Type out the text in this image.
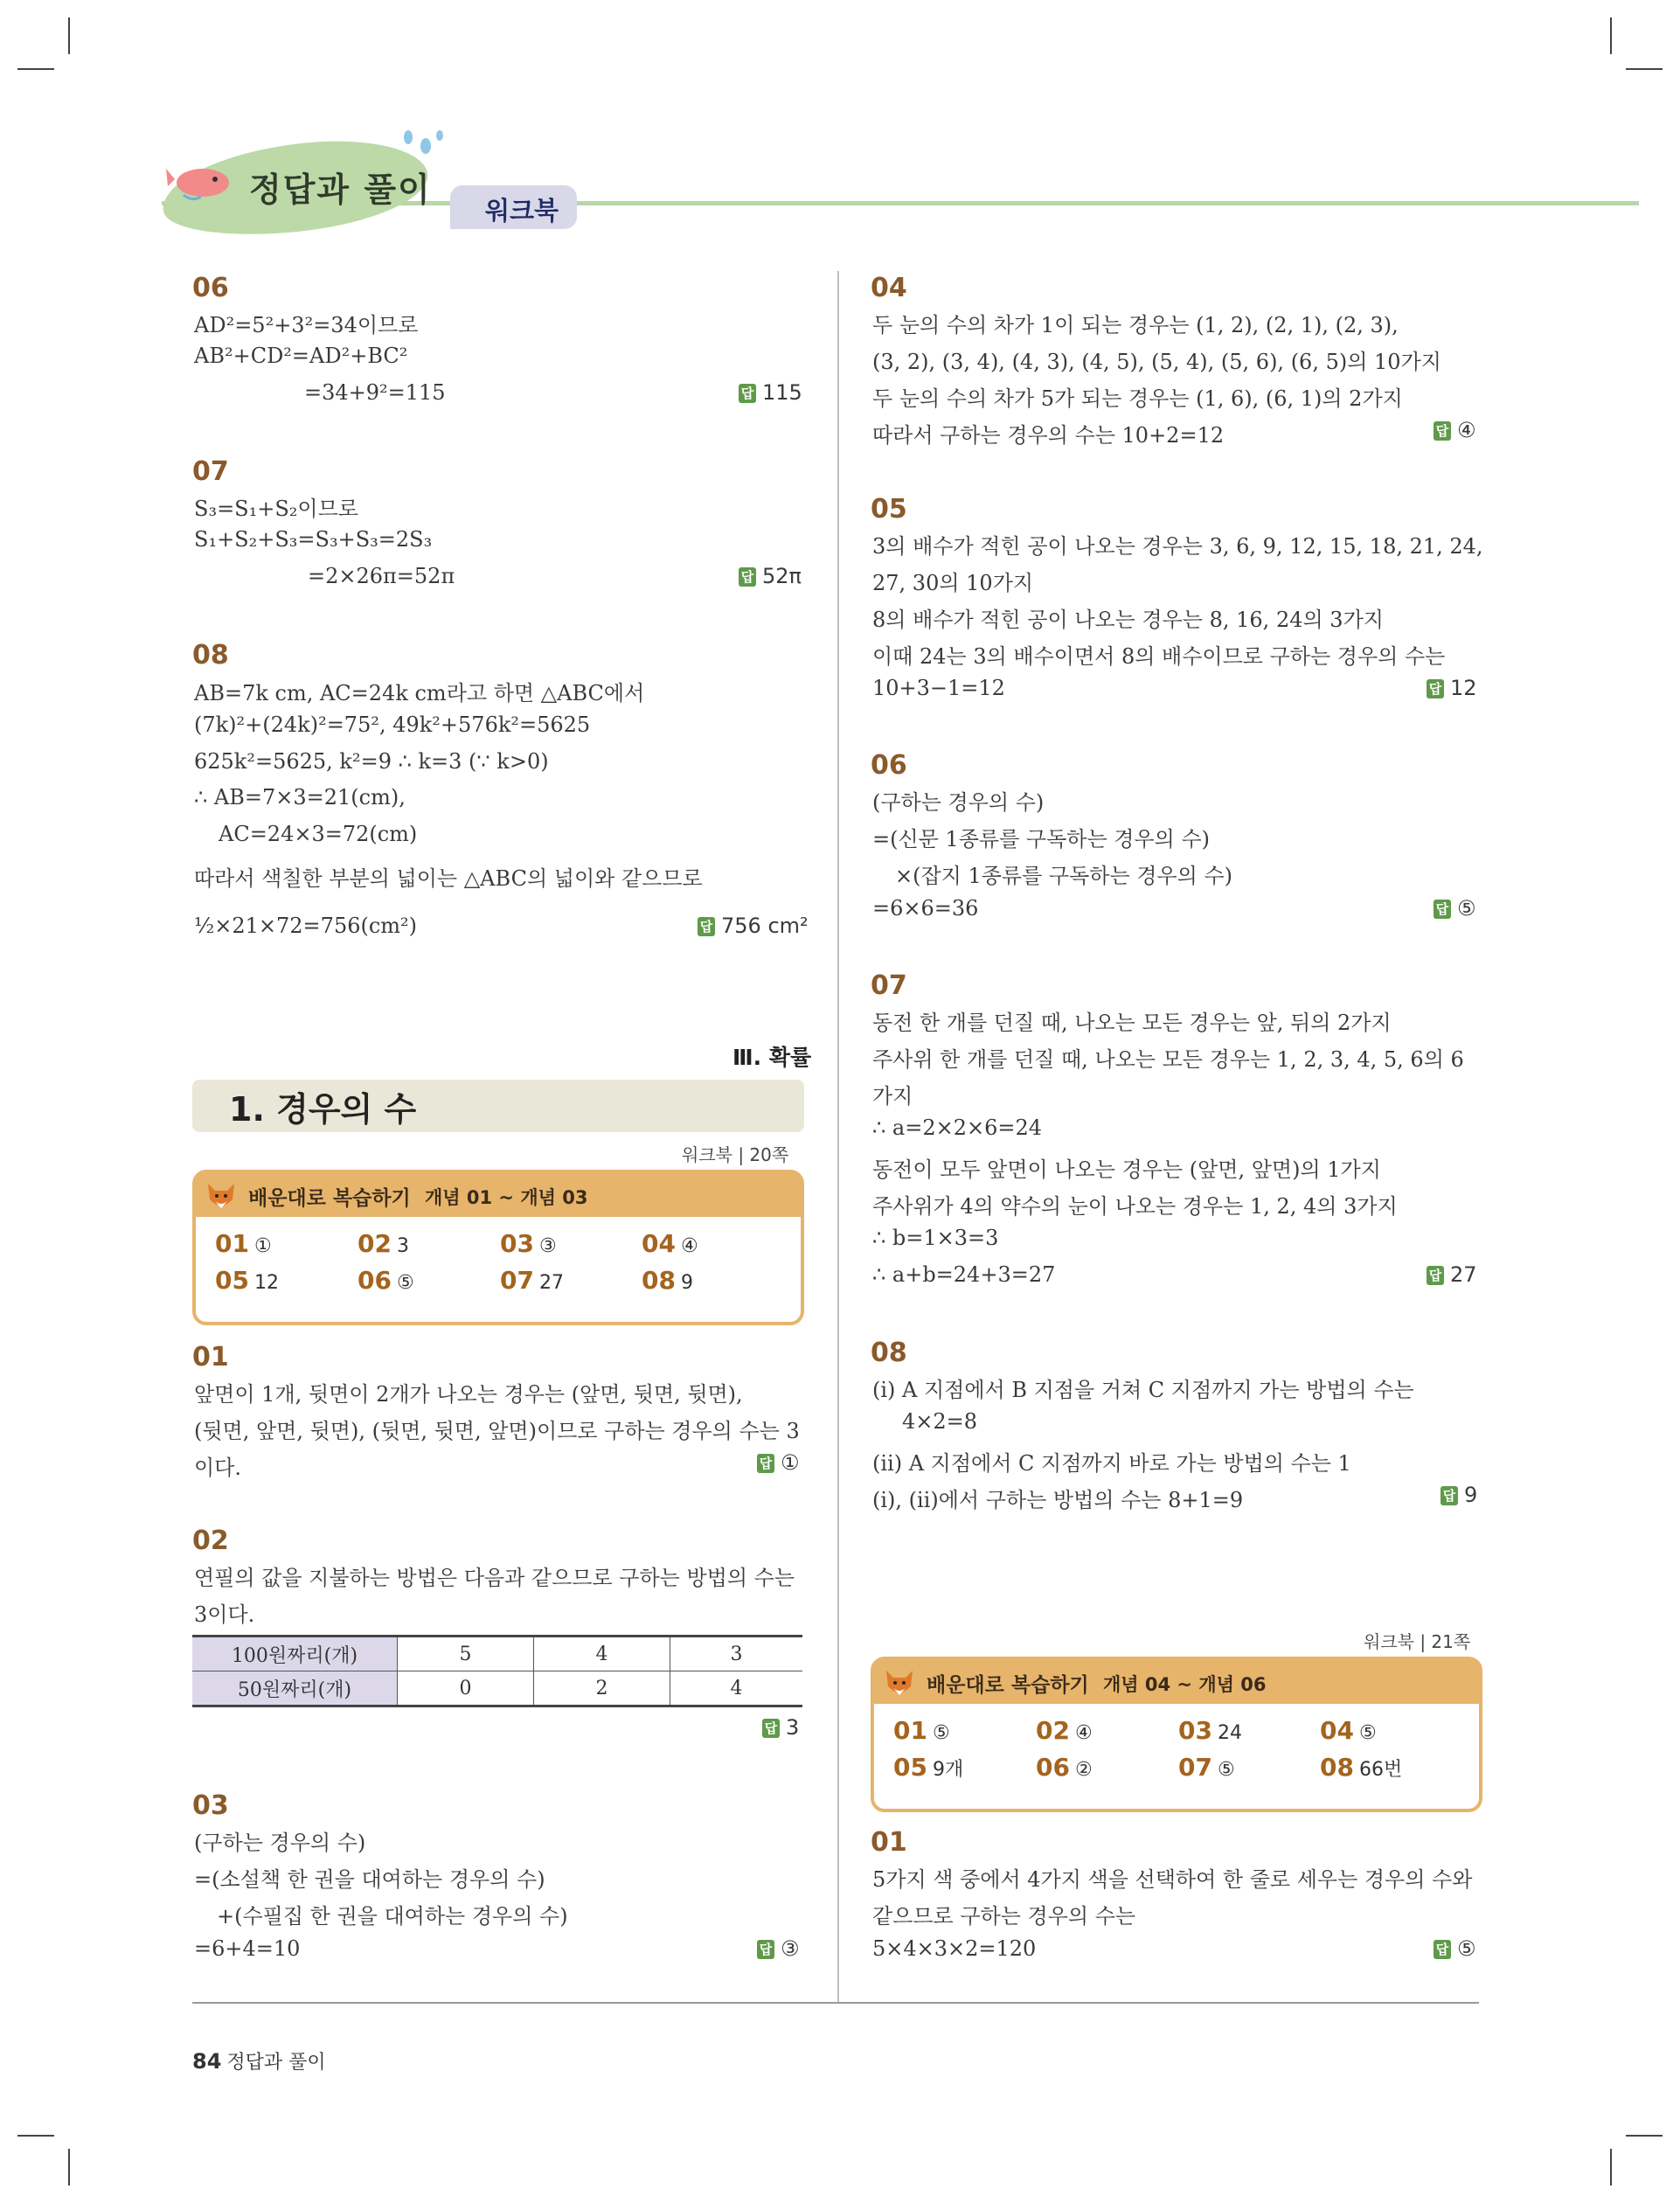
정답과 풀이
워크북
06
AD²=5²+3²=34이므로
AB²+CD²=AD²+BC²
=34+9²=115	답 115
07
S₃=S₁+S₂이므로
S₁+S₂+S₃=S₃+S₃=2S₃
=2×26π=52π	답 52π
08
AB=7k cm, AC=24k cm라고 하면 △ABC에서
(7k)²+(24k)²=75², 49k²+576k²=5625
625k²=5625, k²=9 ∴ k=3 (∵ k>0)
∴ AB=7×3=21(cm),
AC=24×3=72(cm)
따라서 색칠한 부분의 넓이는 △ABC의 넓이와 같으므로
½×21×72=756(cm²)	답 756 cm²
Ⅲ. 확률
1. 경우의 수
워크북 | 20쪽
배운대로 복습하기 개념 01 ~ 개념 03
01 ①	02 3	03 ③	04 ④
05 12	06 ⑤	07 27	08 9
01
앞면이 1개, 뒷면이 2개가 나오는 경우는 (앞면, 뒷면, 뒷면),
(뒷면, 앞면, 뒷면), (뒷면, 뒷면, 앞면)이므로 구하는 경우의 수는 3
이다.	답 ①
02
연필의 값을 지불하는 방법은 다음과 같으므로 구하는 방법의 수는
3이다.
100원짜리(개)	5	4	3
50원짜리(개)	0	2	4
답 3
03
(구하는 경우의 수)
=(소설책 한 권을 대여하는 경우의 수)
+(수필집 한 권을 대여하는 경우의 수)
=6+4=10	답 ③
04
두 눈의 수의 차가 1이 되는 경우는 (1, 2), (2, 1), (2, 3),
(3, 2), (3, 4), (4, 3), (4, 5), (5, 4), (5, 6), (6, 5)의 10가지
두 눈의 수의 차가 5가 되는 경우는 (1, 6), (6, 1)의 2가지
따라서 구하는 경우의 수는 10+2=12	답 ④
05
3의 배수가 적힌 공이 나오는 경우는 3, 6, 9, 12, 15, 18, 21, 24,
27, 30의 10가지
8의 배수가 적힌 공이 나오는 경우는 8, 16, 24의 3가지
이때 24는 3의 배수이면서 8의 배수이므로 구하는 경우의 수는
10+3−1=12	답 12
06
(구하는 경우의 수)
=(신문 1종류를 구독하는 경우의 수)
×(잡지 1종류를 구독하는 경우의 수)
=6×6=36	답 ⑤
07
동전 한 개를 던질 때, 나오는 모든 경우는 앞, 뒤의 2가지
주사위 한 개를 던질 때, 나오는 모든 경우는 1, 2, 3, 4, 5, 6의 6
가지
∴ a=2×2×6=24
동전이 모두 앞면이 나오는 경우는 (앞면, 앞면)의 1가지
주사위가 4의 약수의 눈이 나오는 경우는 1, 2, 4의 3가지
∴ b=1×3=3
∴ a+b=24+3=27	답 27
08
(ⅰ) A 지점에서 B 지점을 거쳐 C 지점까지 가는 방법의 수는
4×2=8
(ⅱ) A 지점에서 C 지점까지 바로 가는 방법의 수는 1
(ⅰ), (ⅱ)에서 구하는 방법의 수는 8+1=9	답 9
워크북 | 21쪽
배운대로 복습하기 개념 04 ~ 개념 06
01 ⑤	02 ④	03 24	04 ⑤
05 9개	06 ②	07 ⑤	08 66번
01
5가지 색 중에서 4가지 색을 선택하여 한 줄로 세우는 경우의 수와
같으므로 구하는 경우의 수는
5×4×3×2=120	답 ⑤
84 정답과 풀이
